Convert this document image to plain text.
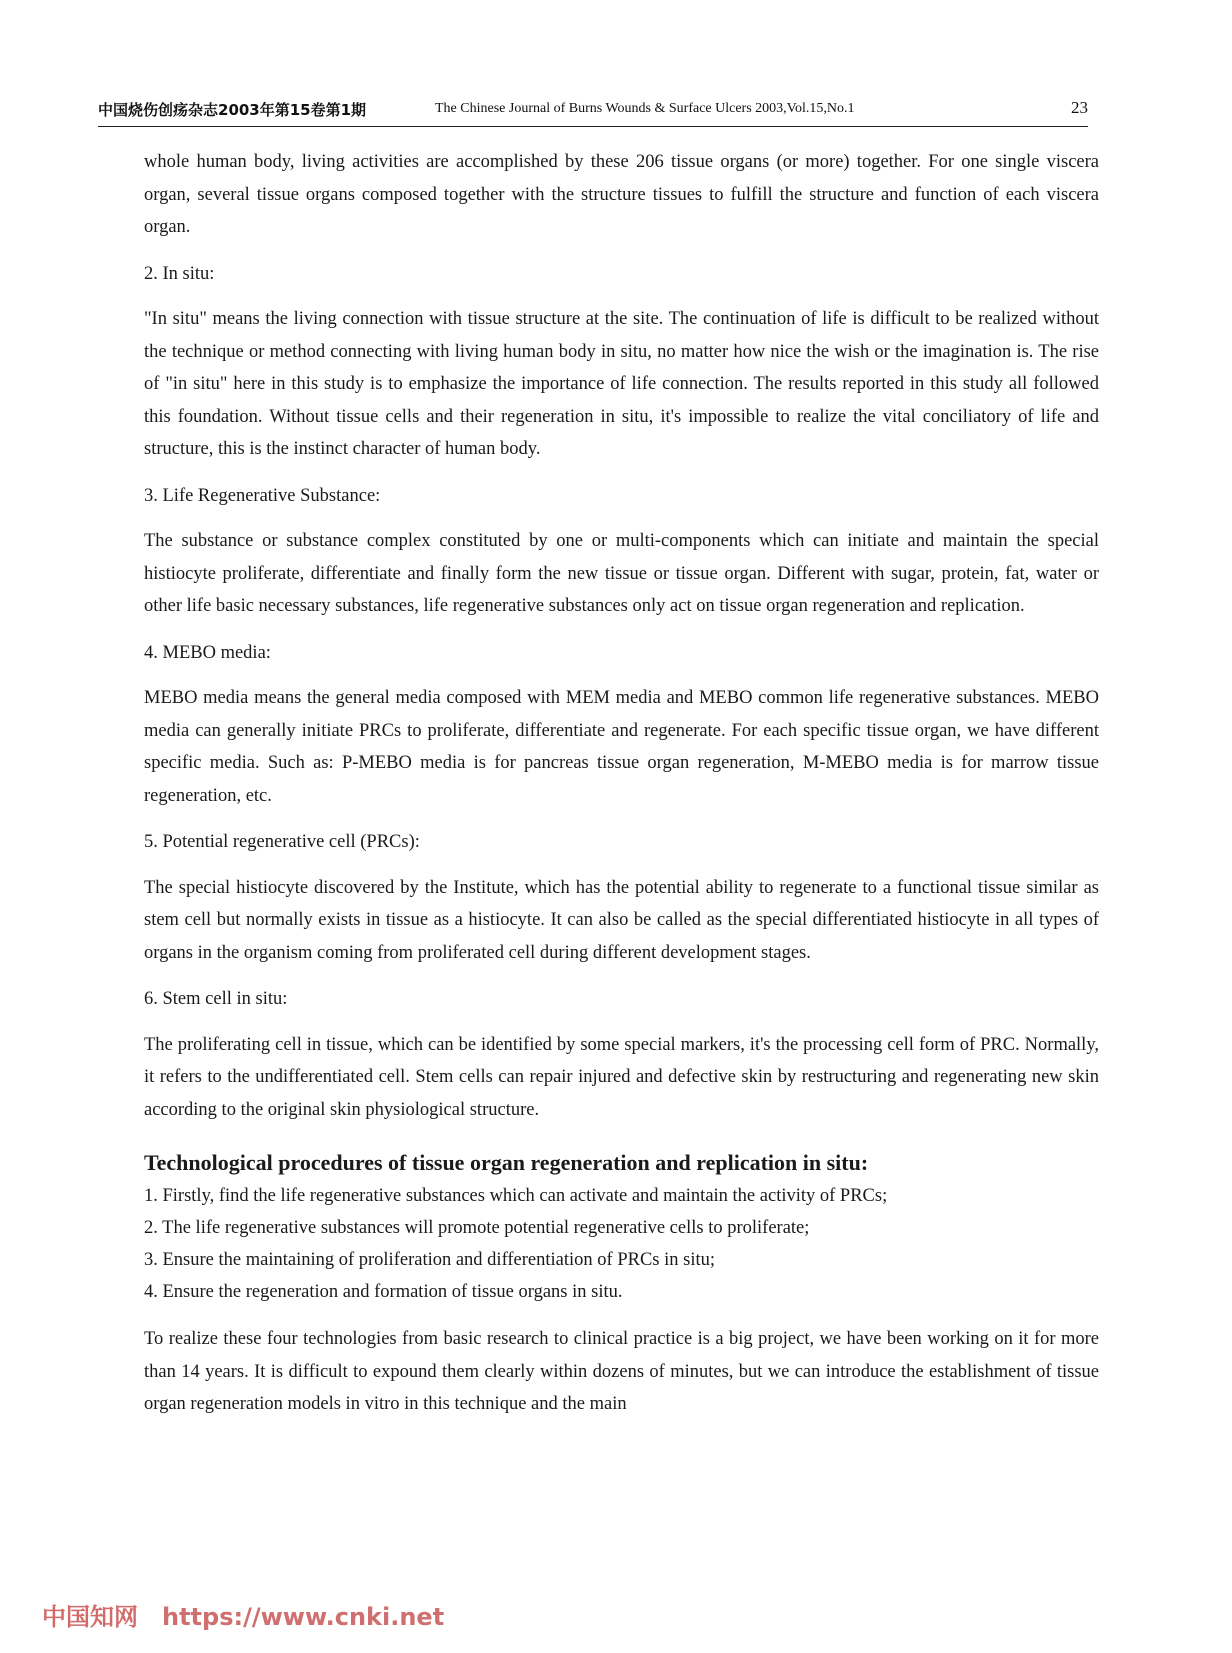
中国烧伤创疡杂志2003年第15卷第1期	The Chinese Journal of Burns Wounds & Surface Ulcers 2003,Vol.15,No.1	23

whole human body, living activities are accomplished by these 206 tissue organs (or more) together. For one single viscera organ, several tissue organs composed together with the structure tissues to fulfill the structure and function of each viscera organ.

2. In situ:

"In situ" means the living connection with tissue structure at the site. The continuation of life is difficult to be realized without the technique or method connecting with living human body in situ, no matter how nice the wish or the imagination is. The rise of "in situ" here in this study is to emphasize the importance of life connection. The results reported in this study all followed this foundation. Without tissue cells and their regeneration in situ, it's impossible to realize the vital conciliatory of life and structure, this is the instinct character of human body.

3. Life Regenerative Substance:

The substance or substance complex constituted by one or multi-components which can initiate and maintain the special histiocyte proliferate, differentiate and finally form the new tissue or tissue organ. Different with sugar, protein, fat, water or other life basic necessary substances, life regenerative substances only act on tissue organ regeneration and replication.

4. MEBO media:

MEBO media means the general media composed with MEM media and MEBO common life regenerative substances. MEBO media can generally initiate PRCs to proliferate, differentiate and regenerate. For each specific tissue organ, we have different specific media. Such as: P-MEBO media is for pancreas tissue organ regeneration, M-MEBO media is for marrow tissue regeneration, etc.

5. Potential regenerative cell (PRCs):

The special histiocyte discovered by the Institute, which has the potential ability to regenerate to a functional tissue similar as stem cell but normally exists in tissue as a histiocyte. It can also be called as the special differentiated histiocyte in all types of organs in the organism coming from proliferated cell during different development stages.

6. Stem cell in situ:

The proliferating cell in tissue, which can be identified by some special markers, it's the processing cell form of PRC. Normally, it refers to the undifferentiated cell. Stem cells can repair injured and defective skin by restructuring and regenerating new skin according to the original skin physiological structure.

Technological procedures of tissue organ regeneration and replication in situ:

1. Firstly, find the life regenerative substances which can activate and maintain the activity of PRCs;

2. The life regenerative substances will promote potential regenerative cells to proliferate;

3. Ensure the maintaining of proliferation and differentiation of PRCs in situ;

4. Ensure the regeneration and formation of tissue organs in situ.

To realize these four technologies from basic research to clinical practice is a big project, we have been working on it for more than 14 years. It is difficult to expound them clearly within dozens of minutes, but we can introduce the establishment of tissue organ regeneration models in vitro in this technique and the main

中国知网 https://www.cnki.net
